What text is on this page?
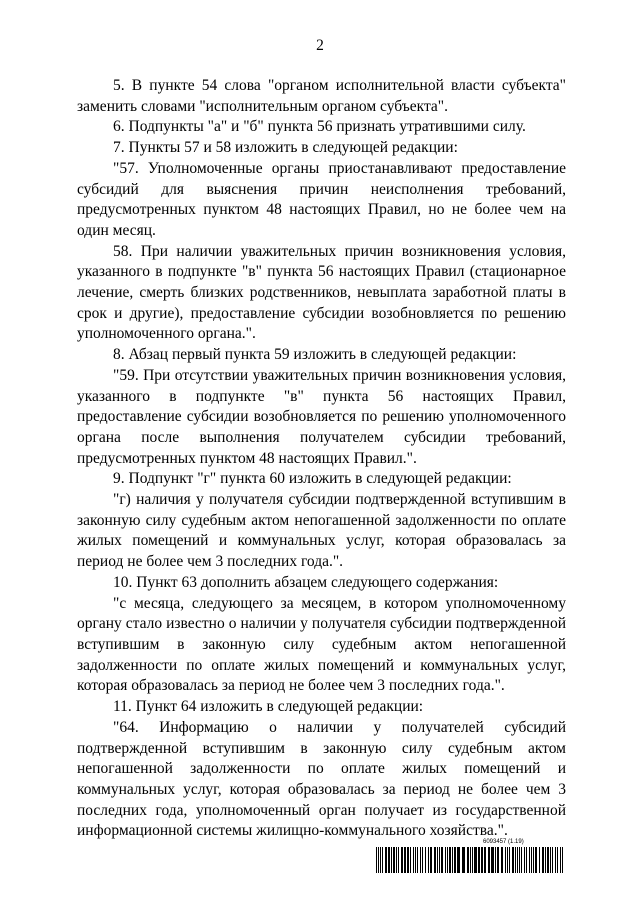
2

5. В пункте 54 слова "органом исполнительной власти субъекта" заменить словами "исполнительным органом субъекта".

6. Подпункты "а" и "б" пункта 56 признать утратившими силу.

7. Пункты 57 и 58 изложить в следующей редакции:

"57. Уполномоченные органы приостанавливают предоставление субсидий для выяснения причин неисполнения требований, предусмотренных пунктом 48 настоящих Правил, но не более чем на один месяц.

58. При наличии уважительных причин возникновения условия, указанного в подпункте "в" пункта 56 настоящих Правил (стационарное лечение, смерть близких родственников, невыплата заработной платы в срок и другие), предоставление субсидии возобновляется по решению уполномоченного органа.".

8. Абзац первый пункта 59 изложить в следующей редакции:

"59. При отсутствии уважительных причин возникновения условия, указанного в подпункте "в" пункта 56 настоящих Правил, предоставление субсидии возобновляется по решению уполномоченного органа после выполнения получателем субсидии требований, предусмотренных пунктом 48 настоящих Правил.".

9. Подпункт "г" пункта 60 изложить в следующей редакции:

"г) наличия у получателя субсидии подтвержденной вступившим в законную силу судебным актом непогашенной задолженности по оплате жилых помещений и коммунальных услуг, которая образовалась за период не более чем 3 последних года.".

10. Пункт 63 дополнить абзацем следующего содержания:

"с месяца, следующего за месяцем, в котором уполномоченному органу стало известно о наличии у получателя субсидии подтвержденной вступившим в законную силу судебным актом непогашенной задолженности по оплате жилых помещений и коммунальных услуг, которая образовалась за период не более чем 3 последних года.".

11. Пункт 64 изложить в следующей редакции:

"64. Информацию о наличии у получателей субсидий подтвержденной вступившим в законную силу судебным актом непогашенной задолженности по оплате жилых помещений и коммунальных услуг, которая образовалась за период не более чем 3 последних года, уполномоченный орган получает из государственной информационной системы жилищно-коммунального хозяйства.".

6093457 (1.19)
